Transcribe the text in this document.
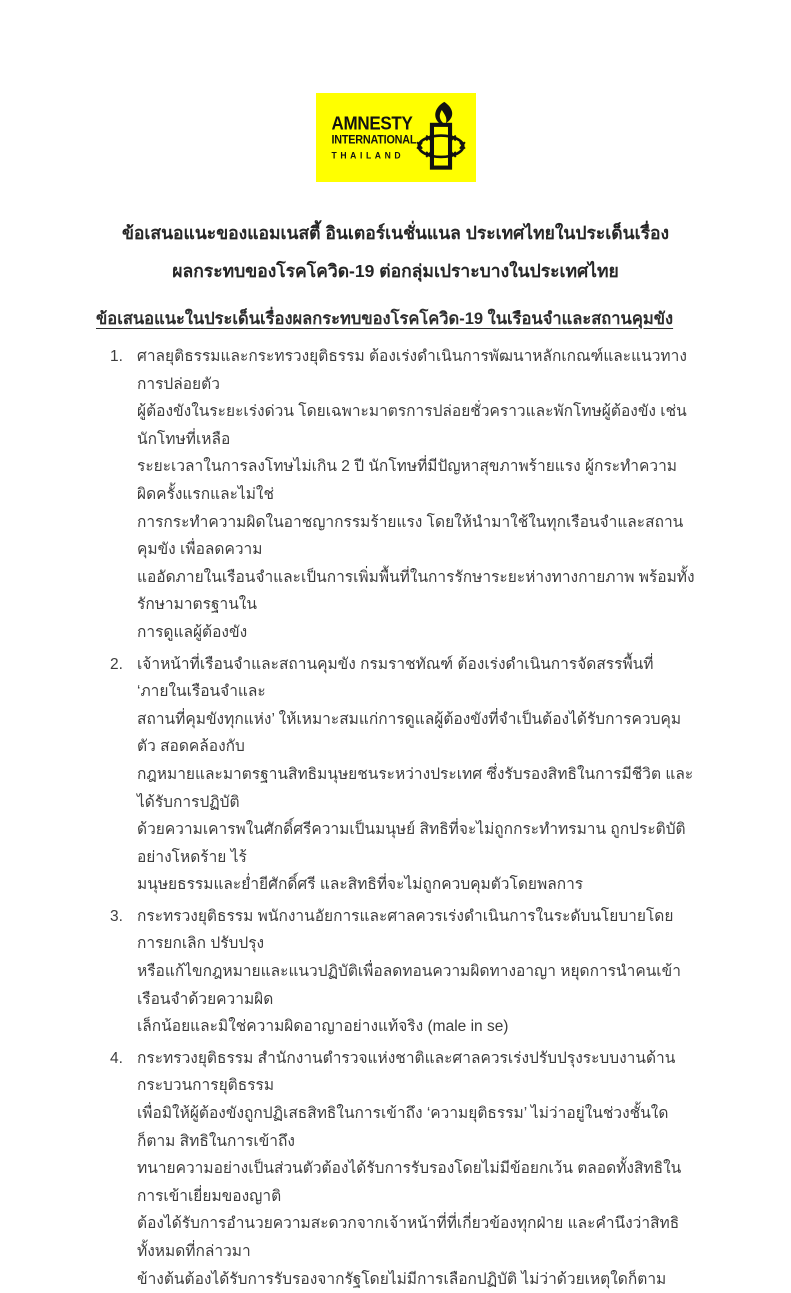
AMNESTY
INTERNATIONAL
THAILAND
ข้อเสนอแนะของแอมเนสตี้ อินเตอร์เนชั่นแนล ประเทศไทยในประเด็นเรื่อง
ผลกระทบของโรคโควิด-19 ต่อกลุ่มเปราะบางในประเทศไทย
ข้อเสนอแนะในประเด็นเรื่องผลกระทบของโรคโควิด-19 ในเรือนจำและสถานคุมขัง
1. ศาลยุติธรรมและกระทรวงยุติธรรม ต้องเร่งดำเนินการพัฒนาหลักเกณฑ์และแนวทางการปล่อยตัว
ผู้ต้องขังในระยะเร่งด่วน โดยเฉพาะมาตรการปล่อยชั่วคราวและพักโทษผู้ต้องขัง เช่น นักโทษที่เหลือ
ระยะเวลาในการลงโทษไม่เกิน 2 ปี นักโทษที่มีปัญหาสุขภาพร้ายแรง ผู้กระทำความผิดครั้งแรกและไม่ใช่
การกระทำความผิดในอาชญากรรมร้ายแรง โดยให้นำมาใช้ในทุกเรือนจำและสถานคุมขัง เพื่อลดความ
แออัดภายในเรือนจำและเป็นการเพิ่มพื้นที่ในการรักษาระยะห่างทางกายภาพ พร้อมทั้งรักษามาตรฐานใน
การดูแลผู้ต้องขัง
2. เจ้าหน้าที่เรือนจำและสถานคุมขัง กรมราชทัณฑ์ ต้องเร่งดำเนินการจัดสรรพื้นที่ ‘ภายในเรือนจำและ
สถานที่คุมขังทุกแห่ง’ ให้เหมาะสมแก่การดูแลผู้ต้องขังที่จำเป็นต้องได้รับการควบคุมตัว สอดคล้องกับ
กฎหมายและมาตรฐานสิทธิมนุษยชนระหว่างประเทศ ซึ่งรับรองสิทธิในการมีชีวิต และได้รับการปฏิบัติ
ด้วยความเคารพในศักดิ์ศรีความเป็นมนุษย์ สิทธิที่จะไม่ถูกกระทำทรมาน ถูกประติบัติอย่างโหดร้าย ไร้
มนุษยธรรมและย่ำยีศักดิ์ศรี และสิทธิที่จะไม่ถูกควบคุมตัวโดยพลการ
3. กระทรวงยุติธรรม พนักงานอัยการและศาลควรเร่งดำเนินการในระดับนโยบายโดยการยกเลิก ปรับปรุง
หรือแก้ไขกฎหมายและแนวปฏิบัติเพื่อลดทอนความผิดทางอาญา หยุดการนำคนเข้าเรือนจำด้วยความผิด
เล็กน้อยและมิใช่ความผิดอาญาอย่างแท้จริง (male in se)
4. กระทรวงยุติธรรม สำนักงานตำรวจแห่งชาติและศาลควรเร่งปรับปรุงระบบงานด้านกระบวนการยุติธรรม
เพื่อมิให้ผู้ต้องขังถูกปฏิเสธสิทธิในการเข้าถึง ‘ความยุติธรรม’ ไม่ว่าอยู่ในช่วงชั้นใดก็ตาม สิทธิในการเข้าถึง
ทนายความอย่างเป็นส่วนตัวต้องได้รับการรับรองโดยไม่มีข้อยกเว้น ตลอดทั้งสิทธิในการเข้าเยี่ยมของญาติ
ต้องได้รับการอำนวยความสะดวกจากเจ้าหน้าที่ที่เกี่ยวข้องทุกฝ่าย และคำนึงว่าสิทธิทั้งหมดที่กล่าวมา
ข้างต้นต้องได้รับการรับรองจากรัฐโดยไม่มีการเลือกปฏิบัติ ไม่ว่าด้วยเหตุใดก็ตาม
